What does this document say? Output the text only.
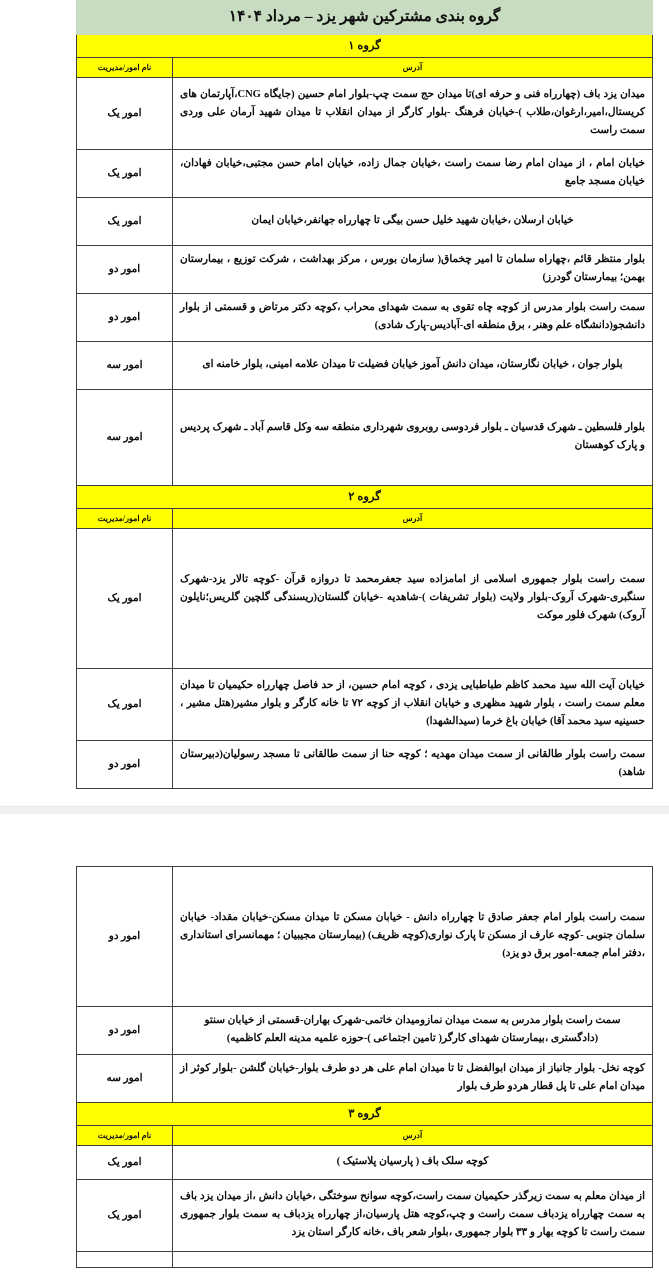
گروه بندی مشترکین شهر یزد – مرداد ۱۴۰۴	
گروه ۱	
آدرس	نام امور/مدیریت
میدان یزد باف (چهارراه فنی و حرفه ای)تا میدان حج سمت چپ-بلوار امام حسین (جایگاه CNG،آپارتمان های کریستال،امیر،ارغوان،طلاب )-خیابان فرهنگ -بلوار کارگر از میدان انقلاب تا میدان شهید آرمان علی وردی سمت راست	امور یک
خیابان امام ، از میدان امام رضا سمت راست ،خیابان جمال زاده، خیابان امام حسن مجتبی،خیابان فهادان، خیابان مسجد جامع	امور یک
خیابان ارسلان ،خیابان شهید خلیل حسن بیگی تا چهارراه جهانفر،خیابان ایمان	امور یک
بلوار منتظر قائم ،چهاراه سلمان تا امیر چخماق( سازمان بورس ، مرکز بهداشت ، شرکت توزیع ، بیمارستان بهمن؛ بیمارستان گودرز)	امور دو
سمت راست بلوار مدرس از کوچه چاه تقوی به سمت شهدای محراب ،کوچه دکتر مرتاض و قسمتی از بلوار دانشجو(دانشگاه علم وهنر ، برق منطقه ای-آبادیس-پارک شادی)	امور دو
بلوار جوان ، خیابان نگارستان، میدان دانش آموز خیابان فضیلت تا میدان علامه امینی، بلوار خامنه ای	امور سه
بلوار فلسطین ـ شهرک قدسیان ـ بلوار فردوسی روبروی شهرداری منطقه سه وکل قاسم آباد ـ شهرک پردیس و پارک کوهستان	امور سه
گروه ۲	
آدرس	نام امور/مدیریت
سمت راست بلوار جمهوری اسلامی از امامزاده سید جعفرمحمد تا دروازه قرآن -کوچه تالار یزد-شهرک سنگبری-شهرک آروک-بلوار ولایت (بلوار تشریفات )-شاهدیه -خیابان گلستان(ریسندگی گلچین گلریس؛نایلون آروک) شهرک فلور موکت	امور یک
خیابان آیت الله سید محمد کاظم طباطبایی یزدی ، کوچه امام حسین، از حد فاصل چهارراه حکیمیان تا میدان معلم سمت راست ، بلوار شهید مظهری و خیابان انقلاب از کوچه ۷۲ تا خانه کارگر و بلوار مشیر(هتل مشیر ، حسینیه سید محمد آقا) خیابان باغ خرما (سیدالشهدا)	امور یک
سمت راست بلوار طالقانی از سمت میدان مهدیه ؛ کوچه حنا از سمت طالقانی تا مسجد رسولیان(دبیرستان شاهد)	امور دو
سمت راست بلوار امام جعفر صادق تا چهارراه دانش - خیابان مسکن تا میدان مسکن-خیابان مقداد- خیابان سلمان جنوبی -کوچه عارف از مسکن تا پارک نواری(کوچه ظریف) (بیمارستان مجیبیان ؛ مهمانسرای استانداری ،دفتر امام جمعه-امور برق دو یزد)	امور دو
سمت راست بلوار مدرس به سمت میدان نمازومیدان خاتمی-شهرک بهاران-قسمتی از خیابان سنتو (دادگستری ،بیمارستان شهدای کارگر( تامین اجتماعی )-حوزه علمیه مدینه العلم کاظمیه)	امور دو
کوچه نخل- بلوار جانباز از میدان ابوالفضل تا تا میدان امام علی هر دو طرف بلوار-خیابان گلشن -بلوار کوثر از میدان امام علی تا پل قطار هردو طرف بلوار	امور سه
گروه ۳	
آدرس	نام امور/مدیریت
کوچه سلک باف ( پارسیان پلاستیک )	امور یک
از میدان معلم به سمت زیرگذر حکیمیان سمت راست،کوچه سوانح سوختگی ،خیابان دانش ،از میدان یزد باف به سمت چهارراه یزدباف سمت راست و چپ،کوچه هتل پارسیان،از چهارراه یزدباف به سمت بلوار جمهوری سمت راست تا کوچه بهار و ۳۳ بلوار جمهوری ،بلوار شعر باف ،خانه کارگر استان یزد	امور یک
